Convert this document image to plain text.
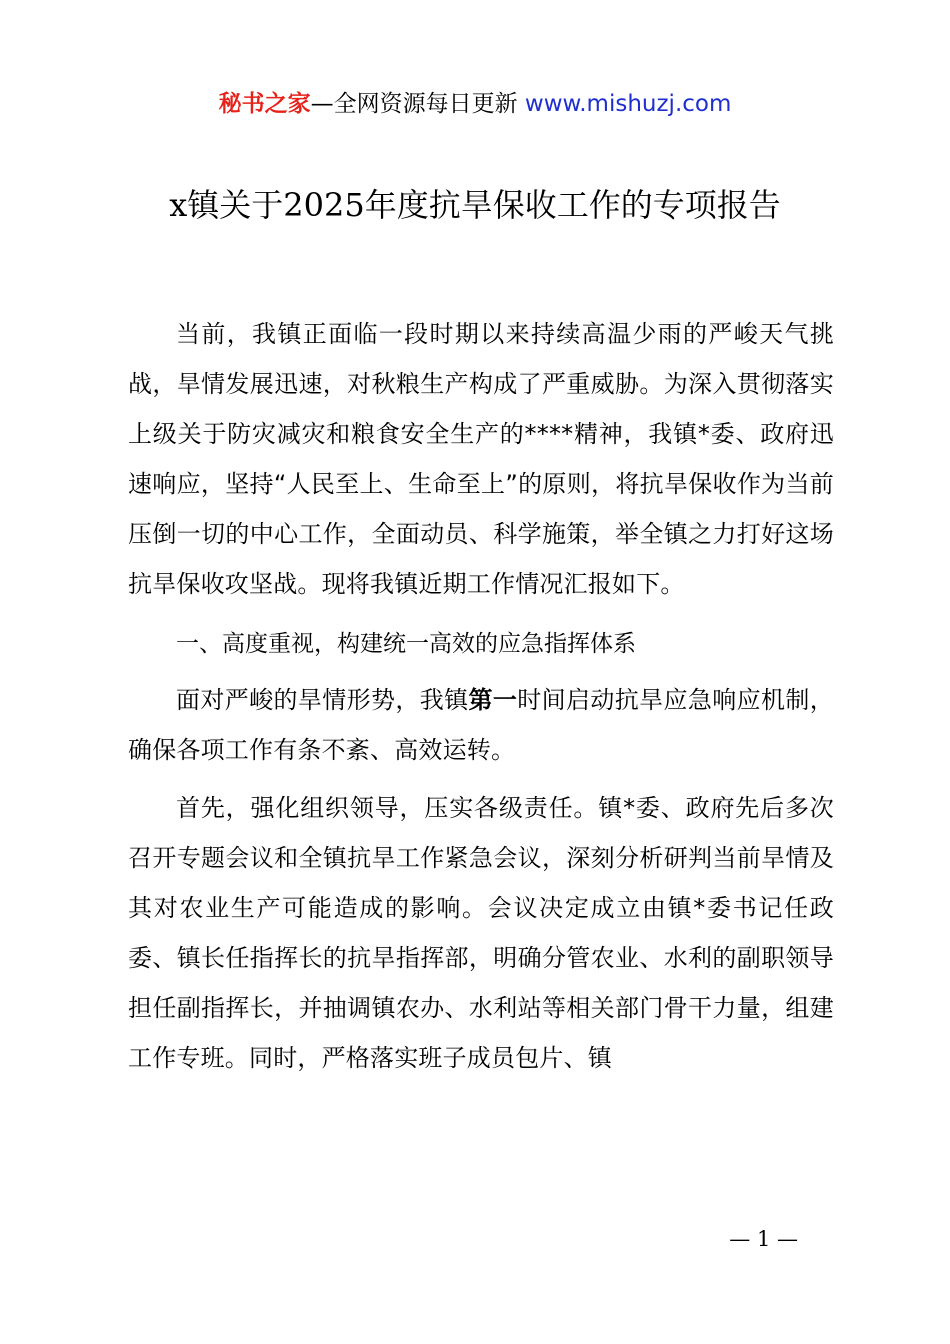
秘书之家—全网资源每日更新 www.mishuzj.com
x镇关于2025年度抗旱保收工作的专项报告

当前，我镇正面临一段时期以来持续高温少雨的严峻天气挑战，旱情发展迅速，对秋粮生产构成了严重威胁。为深入贯彻落实上级关于防灾减灾和粮食安全生产的****精神，我镇*委、政府迅速响应，坚持“人民至上、生命至上”的原则，将抗旱保收作为当前压倒一切的中心工作，全面动员、科学施策，举全镇之力打好这场抗旱保收攻坚战。现将我镇近期工作情况汇报如下。

一、高度重视，构建统一高效的应急指挥体系

面对严峻的旱情形势，我镇第一时间启动抗旱应急响应机制，确保各项工作有条不紊、高效运转。

首先，强化组织领导，压实各级责任。镇*委、政府先后多次召开专题会议和全镇抗旱工作紧急会议，深刻分析研判当前旱情及其对农业生产可能造成的影响。会议决定成立由镇*委书记任政委、镇长任指挥长的抗旱指挥部，明确分管农业、水利的副职领导担任副指挥长，并抽调镇农办、水利站等相关部门骨干力量，组建工作专班。同时，严格落实班子成员包片、镇

— 1 —
